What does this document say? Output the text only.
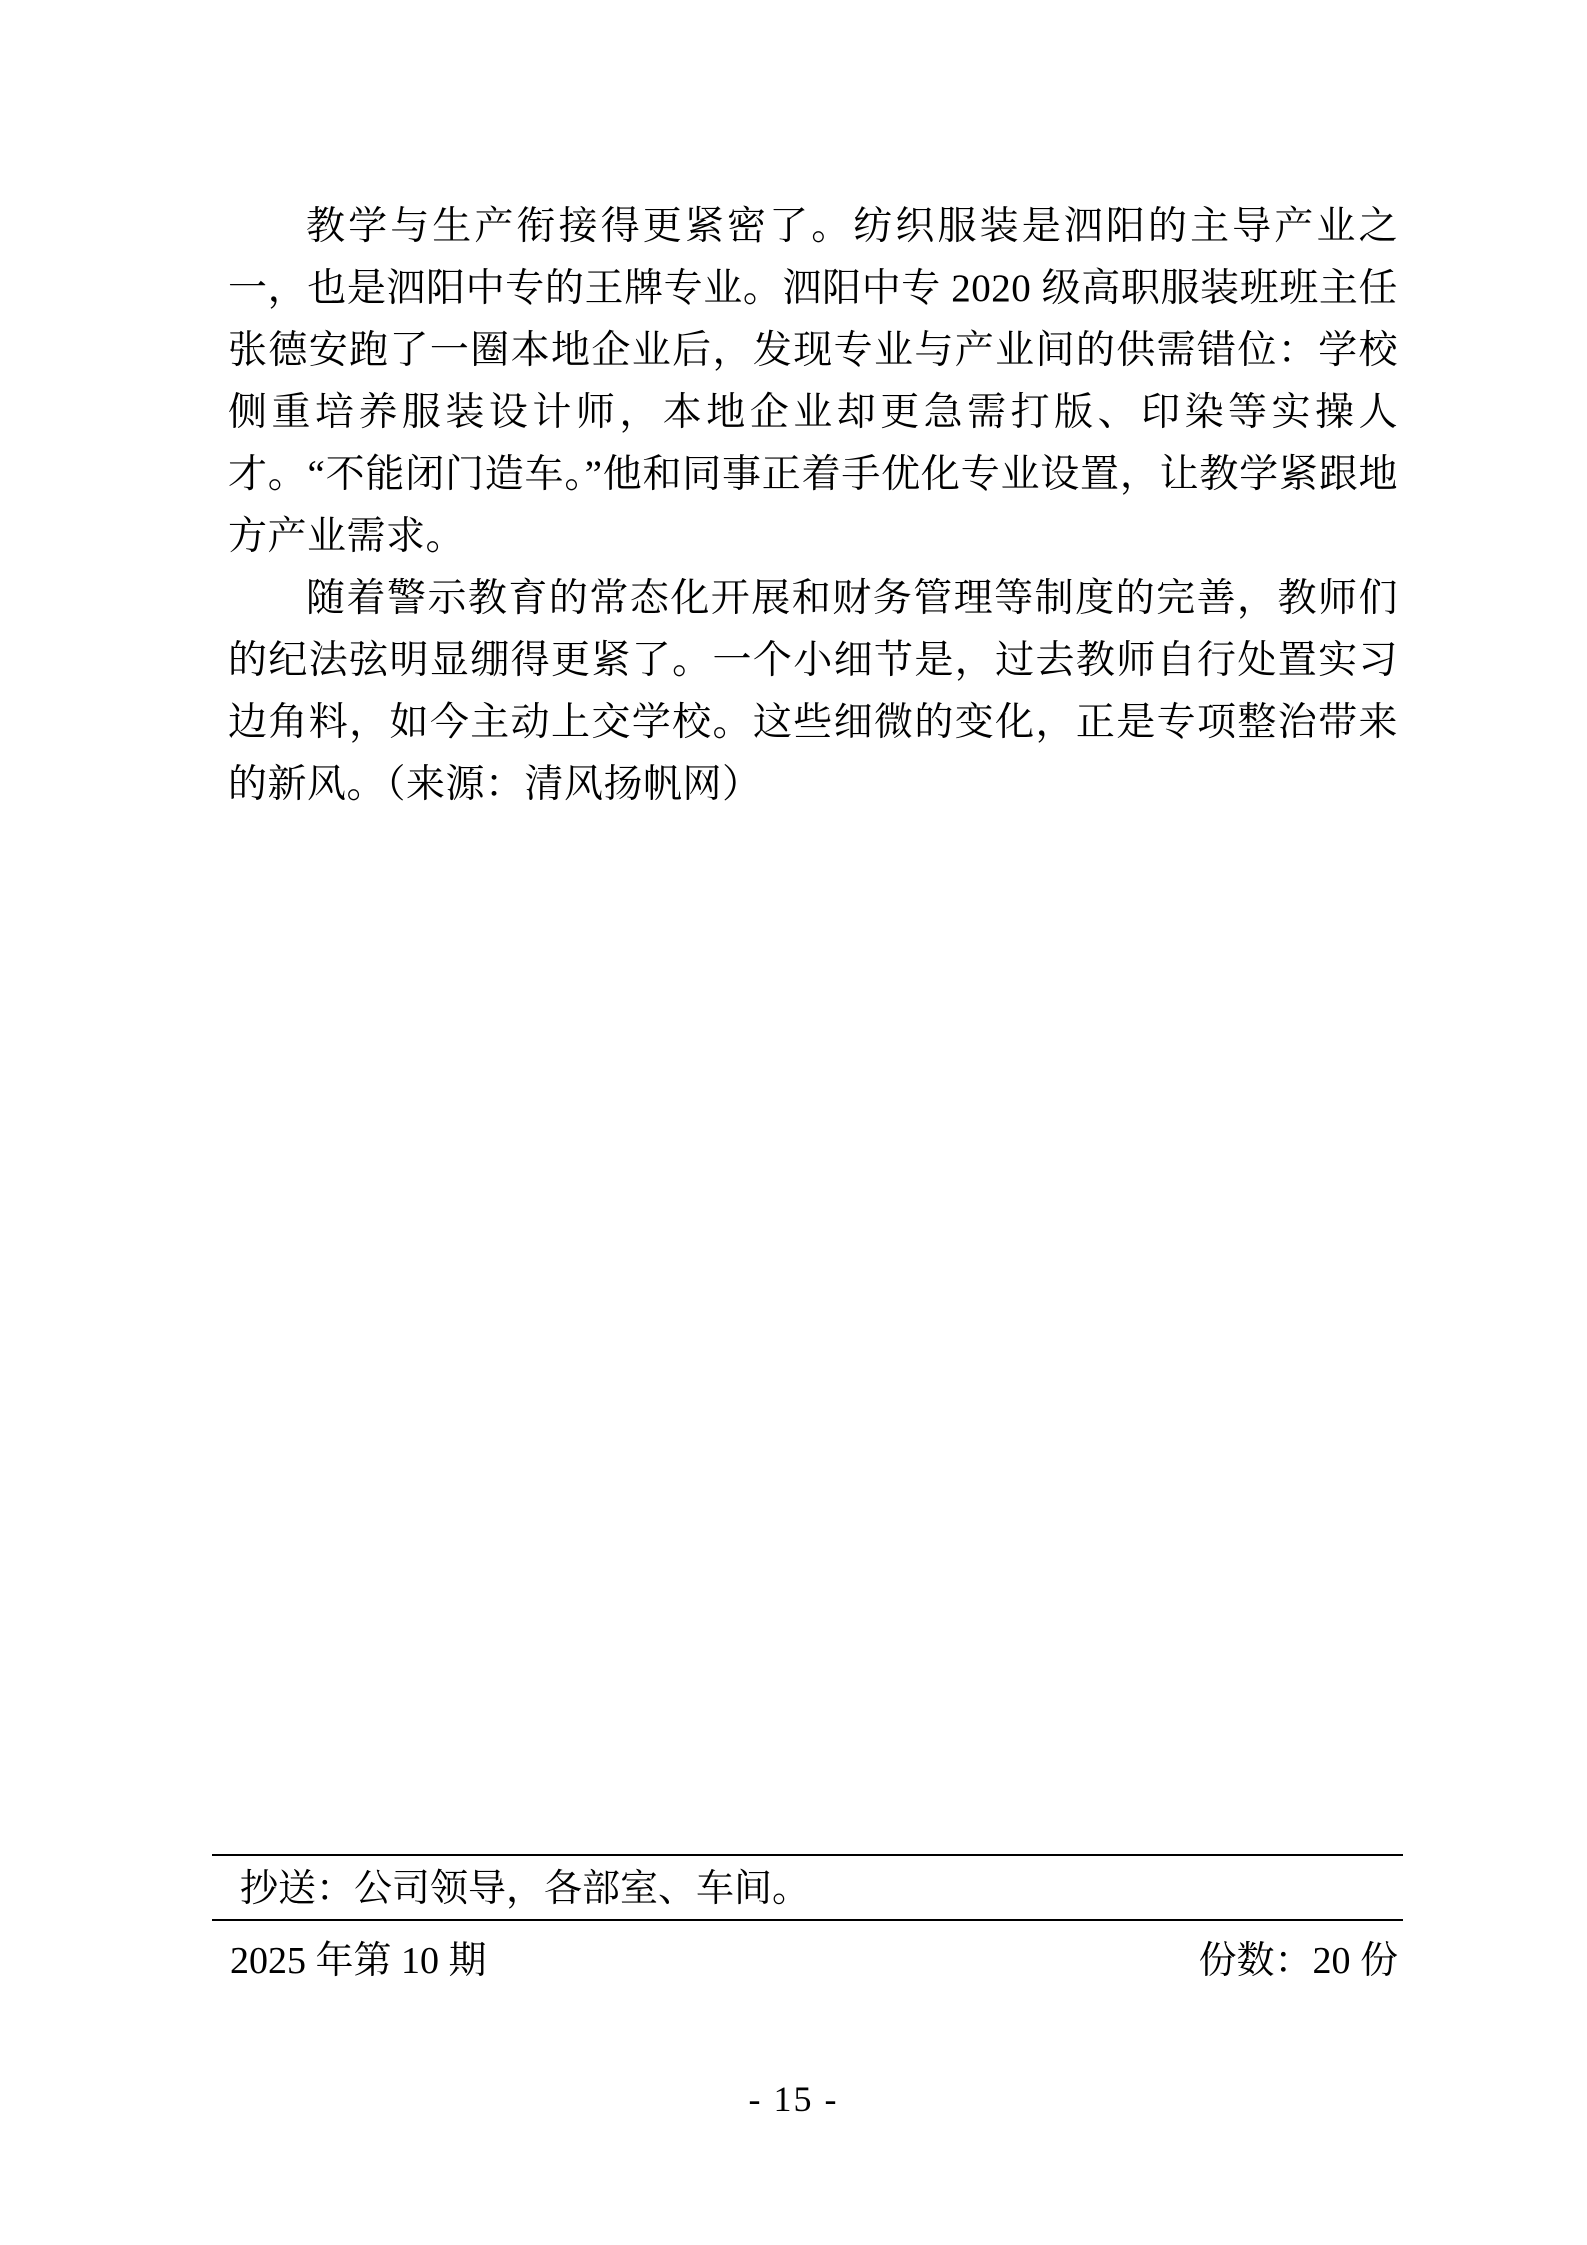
教学与生产衔接得更紧密了。纺织服装是泗阳的主导产业之一，也是泗阳中专的王牌专业。泗阳中专 2020 级高职服装班班主任张德安跑了一圈本地企业后，发现专业与产业间的供需错位：学校侧重培养服装设计师，本地企业却更急需打版、印染等实操人才。“不能闭门造车。”他和同事正着手优化专业设置，让教学紧跟地方产业需求。

随着警示教育的常态化开展和财务管理等制度的完善，教师们的纪法弦明显绷得更紧了。一个小细节是，过去教师自行处置实习边角料，如今主动上交学校。这些细微的变化，正是专项整治带来的新风。（来源：清风扬帆网）

抄送：公司领导，各部室、车间。
2025 年第 10 期	份数：20 份
- 15 -
